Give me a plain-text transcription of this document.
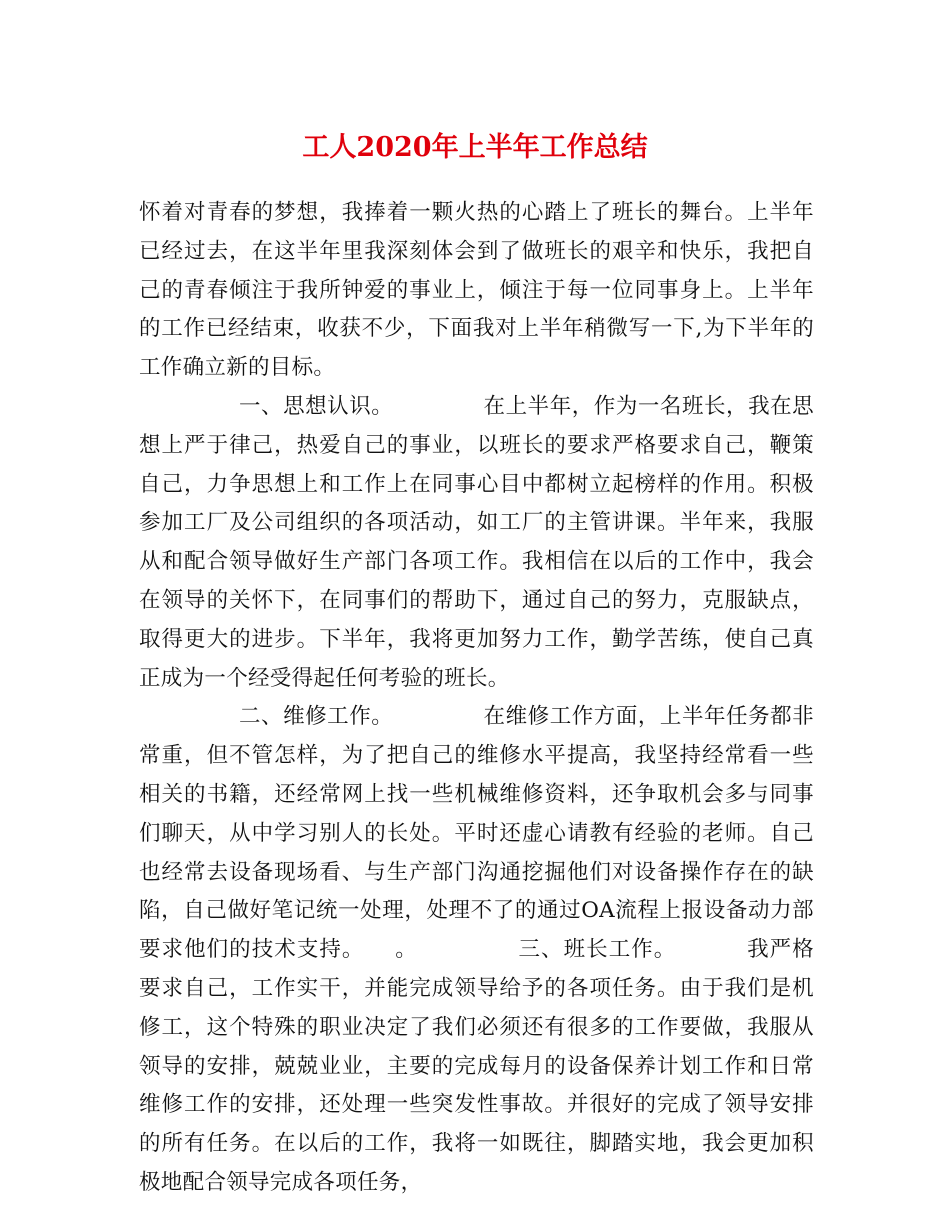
工人2020年上半年工作总结

怀着对青春的梦想，我捧着一颗火热的心踏上了班长的舞台。上半年已经过去，在这半年里我深刻体会到了做班长的艰辛和快乐，我把自己的青春倾注于我所钟爱的事业上，倾注于每一位同事身上。上半年的工作已经结束，收获不少，下面我对上半年稍微写一下,为下半年的工作确立新的目标。

一、思想认识。	在上半年，作为一名班长，我在思想上严于律己，热爱自己的事业，以班长的要求严格要求自己，鞭策自己，力争思想上和工作上在同事心目中都树立起榜样的作用。积极参加工厂及公司组织的各项活动，如工厂的主管讲课。半年来，我服从和配合领导做好生产部门各项工作。我相信在以后的工作中，我会在领导的关怀下，在同事们的帮助下，通过自己的努力，克服缺点，取得更大的进步。下半年，我将更加努力工作，勤学苦练，使自己真正成为一个经受得起任何考验的班长。

二、维修工作。	在维修工作方面，上半年任务都非常重，但不管怎样，为了把自己的维修水平提高，我坚持经常看一些相关的书籍，还经常网上找一些机械维修资料，还争取机会多与同事们聊天，从中学习别人的长处。平时还虚心请教有经验的老师。自己也经常去设备现场看、与生产部门沟通挖掘他们对设备操作存在的缺陷，自己做好笔记统一处理，处理不了的通过OA流程上报设备动力部要求他们的技术支持。 。	三、班长工作。	我严格要求自己，工作实干，并能完成领导给予的各项任务。由于我们是机修工，这个特殊的职业决定了我们必须还有很多的工作要做，我服从领导的安排，兢兢业业，主要的完成每月的设备保养计划工作和日常维修工作的安排，还处理一些突发性事故。并很好的完成了领导安排的所有任务。在以后的工作，我将一如既往，脚踏实地，我会更加积极地配合领导完成各项任务，
